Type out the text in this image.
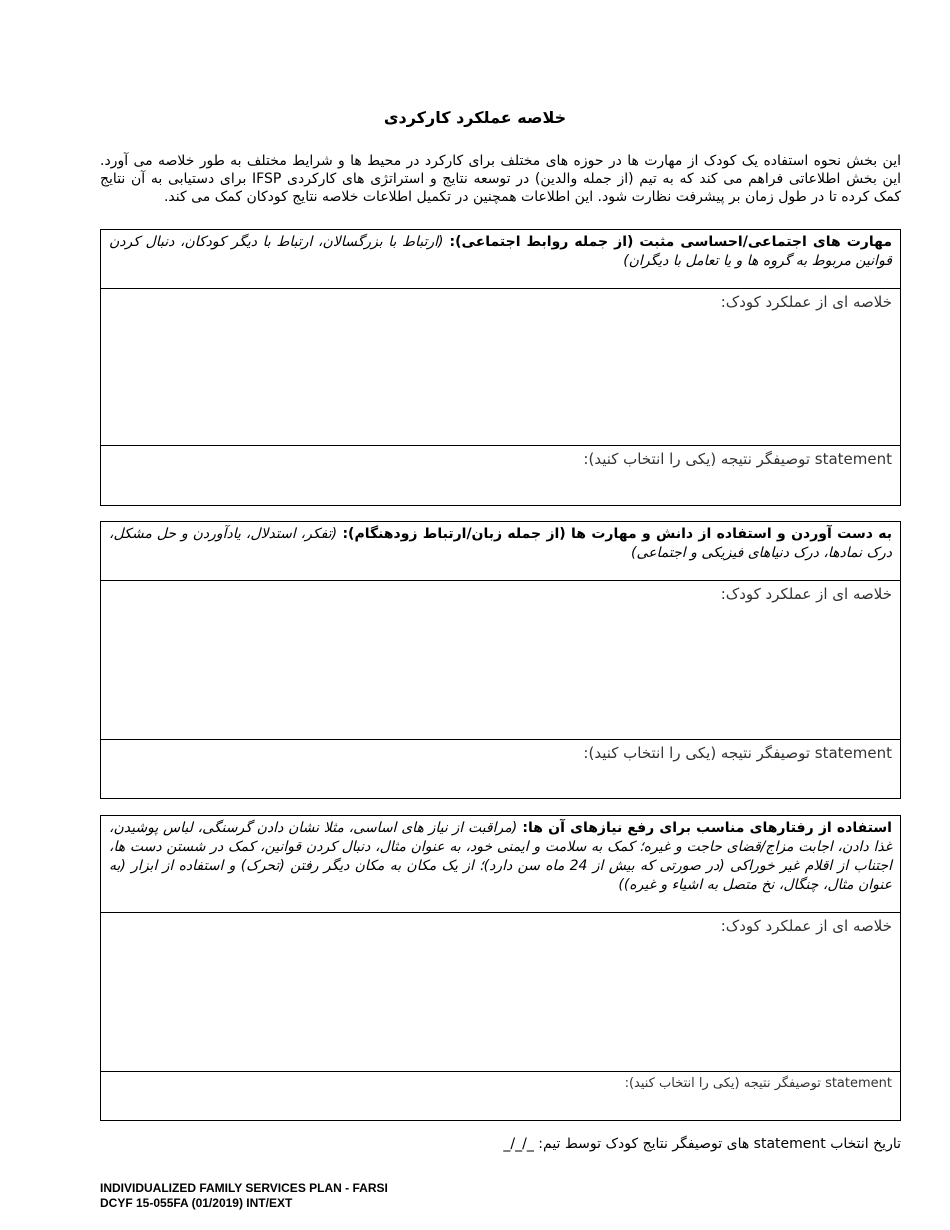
خلاصه عملکرد کارکردی
این بخش نحوه استفاده یک کودک از مهارت ها در حوزه های مختلف برای کارکرد در محیط ها و شرایط مختلف به طور خلاصه می آورد. این بخش اطلاعاتی فراهم می کند که به تیم (از جمله والدین) در توسعه نتایج و استراتژی های کارکردی IFSP برای دستیابی به آن نتایج کمک کرده تا در طول زمان بر پیشرفت نظارت شود. این اطلاعات همچنین در تکمیل اطلاعات خلاصه نتایج کودکان کمک می کند.
مهارت های اجتماعی/احساسی مثبت (از جمله روابط اجتماعی): (ارتباط با بزرگسالان، ارتباط با دیگر کودکان، دنبال کردن قوانین مربوط به گروه ها و یا تعامل با دیگران)
خلاصه ای از عملکرد کودک:
statement توصیفگر نتیجه (یکی را انتخاب کنید):
به دست آوردن و استفاده از دانش و مهارت ها (از جمله زبان/ارتباط زودهنگام): (تفکر، استدلال، یادآوردن و حل مشکل، درک نمادها، درک دنیاهای فیزیکی و اجتماعی)
خلاصه ای از عملکرد کودک:
statement توصیفگر نتیجه (یکی را انتخاب کنید):
استفاده از رفتارهای مناسب برای رفع نیازهای آن ها: (مراقبت از نیاز های اساسی، مثلا نشان دادن گرسنگی، لباس پوشیدن، غذا دادن، اجابت مزاج/قضای حاجت و غیره؛ کمک به سلامت و ایمنی خود، به عنوان مثال، دنبال کردن قوانین، کمک در شستن دست ها، اجتناب از اقلام غیر خوراکی (در صورتی که بیش از 24 ماه سن دارد)؛ از یک مکان به مکان دیگر رفتن (تحرک) و استفاده از ابزار (به عنوان مثال، چنگال، نخ متصل به اشیاء و غیره))
خلاصه ای از عملکرد کودک:
statement توصیفگر نتیجه (یکی را انتخاب کنید):
تاریخ انتخاب statement های توصیفگر نتایج کودک توسط تیم: _/_/_
INDIVIDUALIZED FAMILY SERVICES PLAN - FARSI
DCYF 15-055FA (01/2019) INT/EXT
